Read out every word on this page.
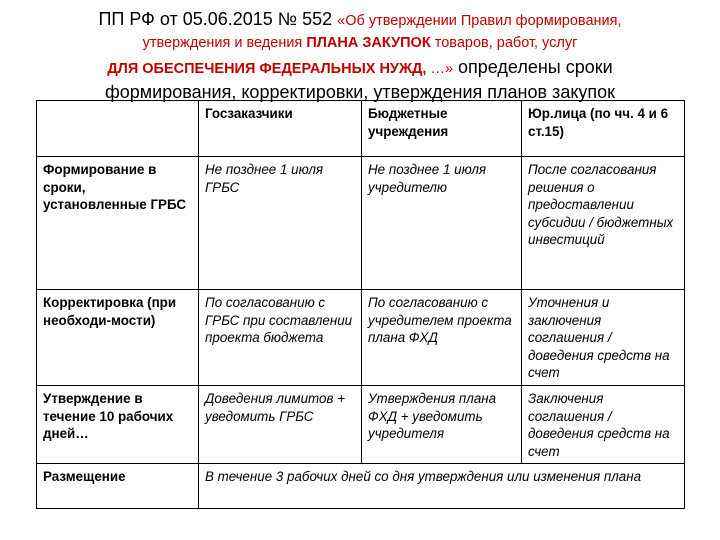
ПП РФ от 05.06.2015 № 552 «Об утверждении Правил формирования,
утверждения и ведения ПЛАНА ЗАКУПОК товаров, работ, услуг
ДЛЯ ОБЕСПЕЧЕНИЯ ФЕДЕРАЛЬНЫХ НУЖД, …» определены сроки
формирования, корректировки, утверждения планов закупок
	Госзаказчики	Бюджетные учреждения	Юр.лица (по чч. 4 и 6 ст.15)
Формирование в сроки, установленные ГРБС	Не позднее 1 июля ГРБС	Не позднее 1 июля учредителю	После согласования решения о предоставлении субсидии / бюджетных инвестиций
Корректировка (при необходи-мости)	По согласованию с ГРБС при составлении проекта бюджета	По согласованию с учредителем проекта плана ФХД	Уточнения и заключения соглашения / доведения средств на счет
Утверждение в течение 10 рабочих дней…	Доведения лимитов + уведомить ГРБС	Утверждения плана ФХД + уведомить учредителя	Заключения соглашения / доведения средств на счет
Размещение	В течение 3 рабочих дней со дня утверждения или изменения плана		
